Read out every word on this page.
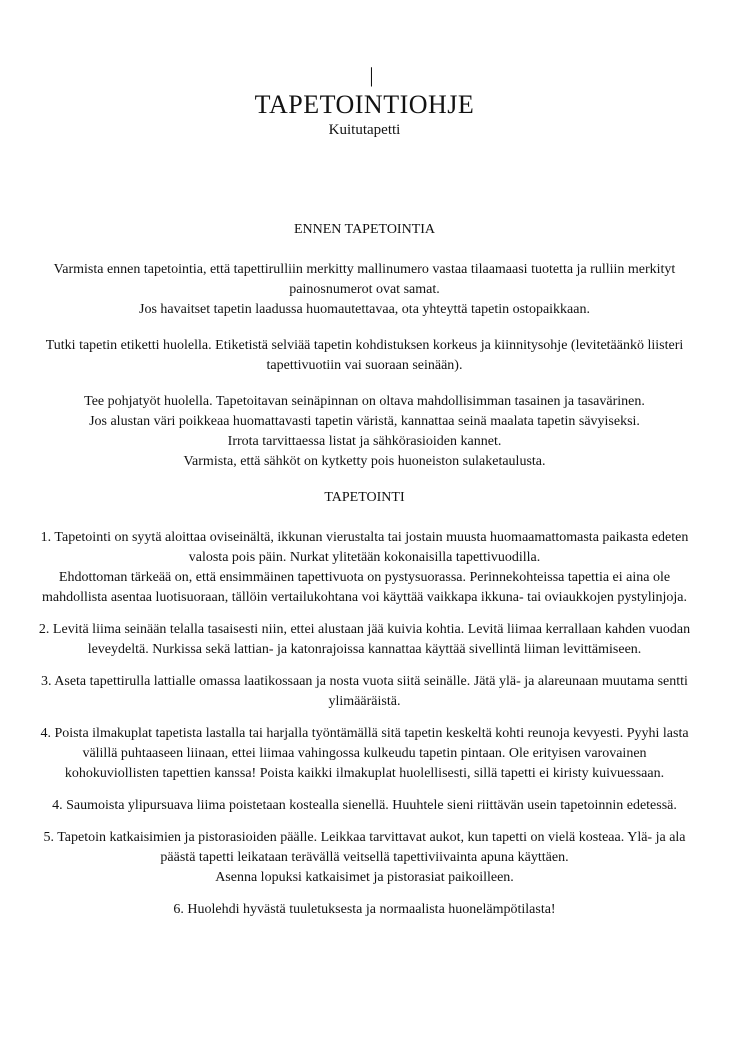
|
TAPETOINTIOHJE
Kuitutapetti
ENNEN TAPETOINTIA

Varmista ennen tapetointia, että tapettirulliin merkitty mallinumero vastaa tilaamaasi tuotetta ja rulliin merkityt painosnumerot ovat samat.

Jos havaitset tapetin laadussa huomautettavaa, ota yhteyttä tapetin ostopaikkaan.

Tutki tapetin etiketti huolella. Etiketistä selviää tapetin kohdistuksen korkeus ja kiinnitysohje (levitetäänkö liisteri tapettivuotiin vai suoraan seinään).

Tee pohjatyöt huolella. Tapetoitavan seinäpinnan on oltava mahdollisimman tasainen ja tasavärinen.

Jos alustan väri poikkeaa huomattavasti tapetin väristä, kannattaa seinä maalata tapetin sävyiseksi.

Irrota tarvittaessa listat ja sähkörasioiden kannet.

Varmista, että sähköt on kytketty pois huoneiston sulaketaulusta.

TAPETOINTI

1. Tapetointi on syytä aloittaa oviseinältä, ikkunan vierustalta tai jostain muusta huomaamattomasta paikasta edeten valosta pois päin. Nurkat ylitetään kokonaisilla tapettivuodilla.

Ehdottoman tärkeää on, että ensimmäinen tapettivuota on pystysuorassa. Perinnekohteissa tapettia ei aina ole mahdollista asentaa luotisuoraan, tällöin vertailukohtana voi käyttää vaikkapa ikkuna- tai oviaukkojen pystylinjoja.

2. Levitä liima seinään telalla tasaisesti niin, ettei alustaan jää kuivia kohtia. Levitä liimaa kerrallaan kahden vuodan leveydeltä. Nurkissa sekä lattian- ja katonrajoissa kannattaa käyttää sivellintä liiman levittämiseen.

3. Aseta tapettirulla lattialle omassa laatikossaan ja nosta vuota siitä seinälle. Jätä ylä- ja alareunaan muutama sentti ylimääräistä.

4. Poista ilmakuplat tapetista lastalla tai harjalla työntämällä sitä tapetin keskeltä kohti reunoja kevyesti. Pyyhi lasta välillä puhtaaseen liinaan, ettei liimaa vahingossa kulkeudu tapetin pintaan. Ole erityisen varovainen kohokuviollisten tapettien kanssa! Poista kaikki ilmakuplat huolellisesti, sillä tapetti ei kiristy kuivuessaan.

4. Saumoista ylipursuava liima poistetaan kostealla sienellä. Huuhtele sieni riittävän usein tapetoinnin edetessä.

5. Tapetoin katkaisimien ja pistorasioiden päälle. Leikkaa tarvittavat aukot, kun tapetti on vielä kosteaa. Ylä- ja ala päästä tapetti leikataan terävällä veitsellä tapettiviivainta apuna käyttäen.

Asenna lopuksi katkaisimet ja pistorasiat paikoilleen.

6. Huolehdi hyvästä tuuletuksesta ja normaalista huonelämpötilasta!
